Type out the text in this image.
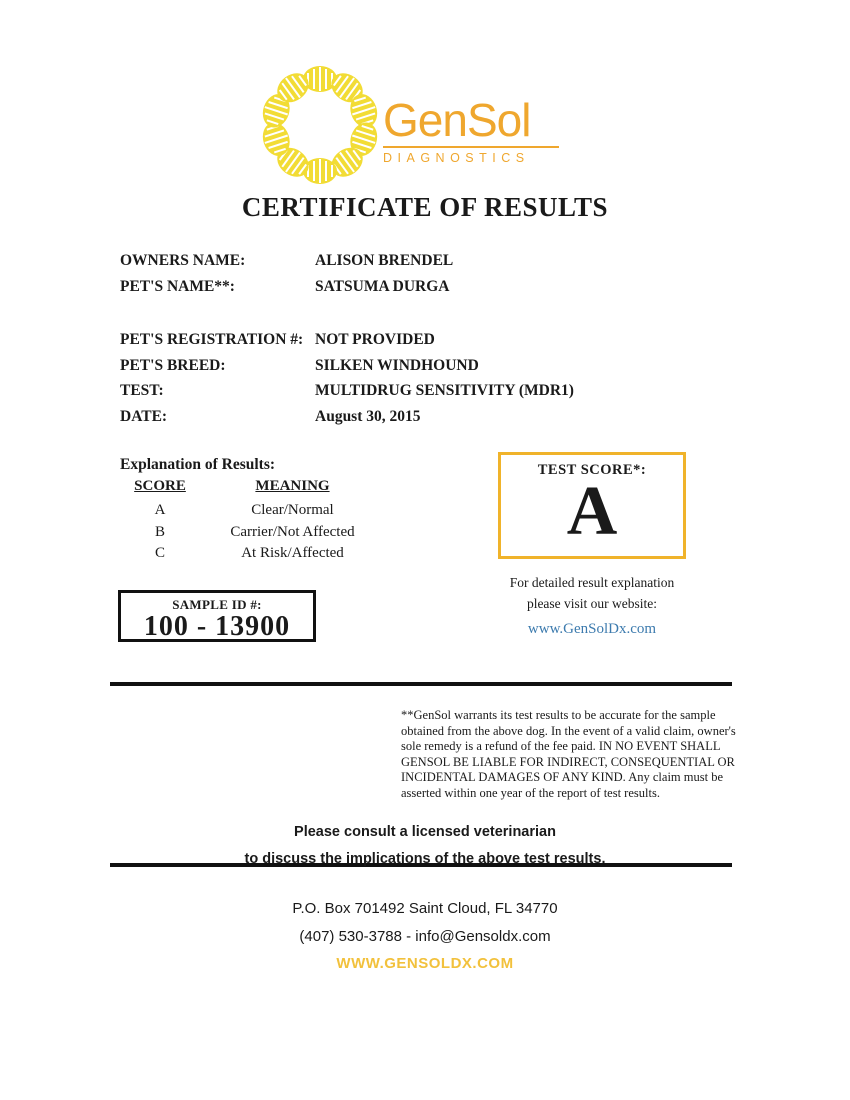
GenSol
DIAGNOSTICS
CERTIFICATE OF RESULTS
OWNERS NAME:	ALISON BRENDEL
PET'S NAME**:	SATSUMA DURGA
PET'S REGISTRATION #: NOT PROVIDED
PET'S BREED:	SILKEN WINDHOUND
TEST:	MULTIDRUG SENSITIVITY (MDR1)
DATE:	August 30, 2015
Explanation of Results:
SCORE	MEANING
A	Clear/Normal
B	Carrier/Not Affected
C	At Risk/Affected
TEST SCORE*:
A
For detailed result explanation
please visit our website:
www.GenSolDx.com
SAMPLE ID #:
100 - 13900
**GenSol warrants its test results to be accurate for the sample obtained from the above dog. In the event of a valid claim, owner's sole remedy is a refund of the fee paid. IN NO EVENT SHALL GENSOL BE LIABLE FOR INDIRECT, CONSEQUENTIAL OR INCIDENTAL DAMAGES OF ANY KIND. Any claim must be asserted within one year of the report of test results.
Please consult a licensed veterinarian
to discuss the implications of the above test results.
P.O. Box 701492 Saint Cloud, FL 34770
(407) 530-3788 - info@Gensoldx.com
WWW.GENSOLDX.COM
